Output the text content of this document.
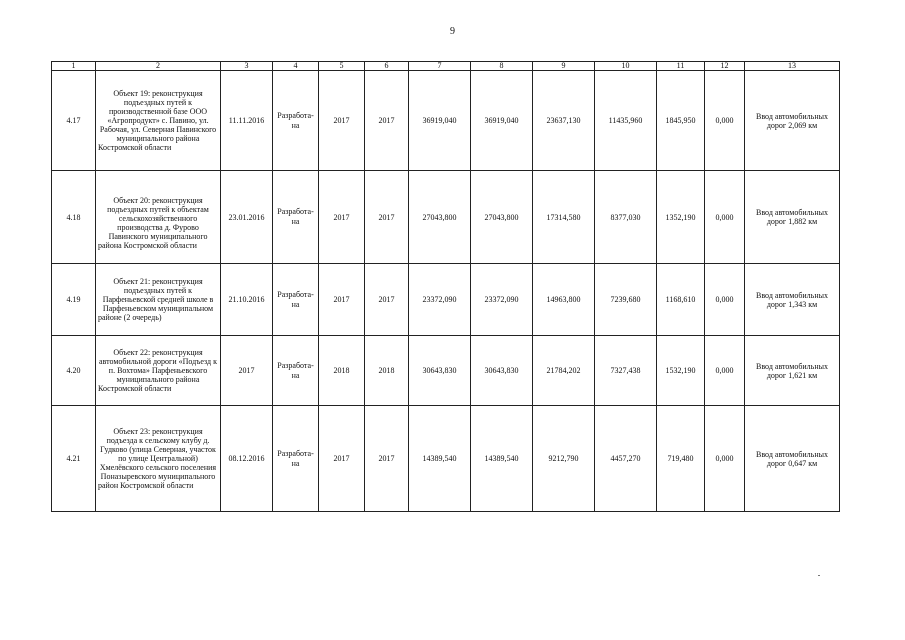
9
1	2	3	4	5	6	7	8	9	10	11	12	13
4.17	Объект 19: реконструкция подъездных путей к производственной базе ООО «Агропродукт» с. Павино, ул. Рабочая, ул. Северная Павинского муниципального района Костромской области	11.11.2016	Разработа-на	2017	2017	36919,040	36919,040	23637,130	11435,960	1845,950	0,000	Ввод автомобильных дорог 2,069 км
4.18	Объект 20: реконструкция подъездных путей к объектам сельскохозяйственного производства д. Фурово Павинского муниципального района Костромской области	23.01.2016	Разработа-на	2017	2017	27043,800	27043,800	17314,580	8377,030	1352,190	0,000	Ввод автомобильных дорог 1,882 км
4.19	Объект 21: реконструкция подъездных путей к Парфеньевской средней школе в Парфеньевском муниципальном районе (2 очередь)	21.10.2016	Разработа-на	2017	2017	23372,090	23372,090	14963,800	7239,680	1168,610	0,000	Ввод автомобильных дорог 1,343 км
4.20	Объект 22: реконструкция автомобильной дороги «Подъезд к п. Вохтома» Парфеньевского муниципального района Костромской области	2017	Разработа-на	2018	2018	30643,830	30643,830	21784,202	7327,438	1532,190	0,000	Ввод автомобильных дорог 1,621 км
4.21	Объект 23: реконструкция подъезда к сельскому клубу д. Гудково (улица Северная, участок по улице Центральной) Хмелёвского сельского поселения Поназыревского муниципального район Костромской области	08.12.2016	Разработа-на	2017	2017	14389,540	14389,540	9212,790	4457,270	719,480	0,000	Ввод автомобильных дорог 0,647 км
